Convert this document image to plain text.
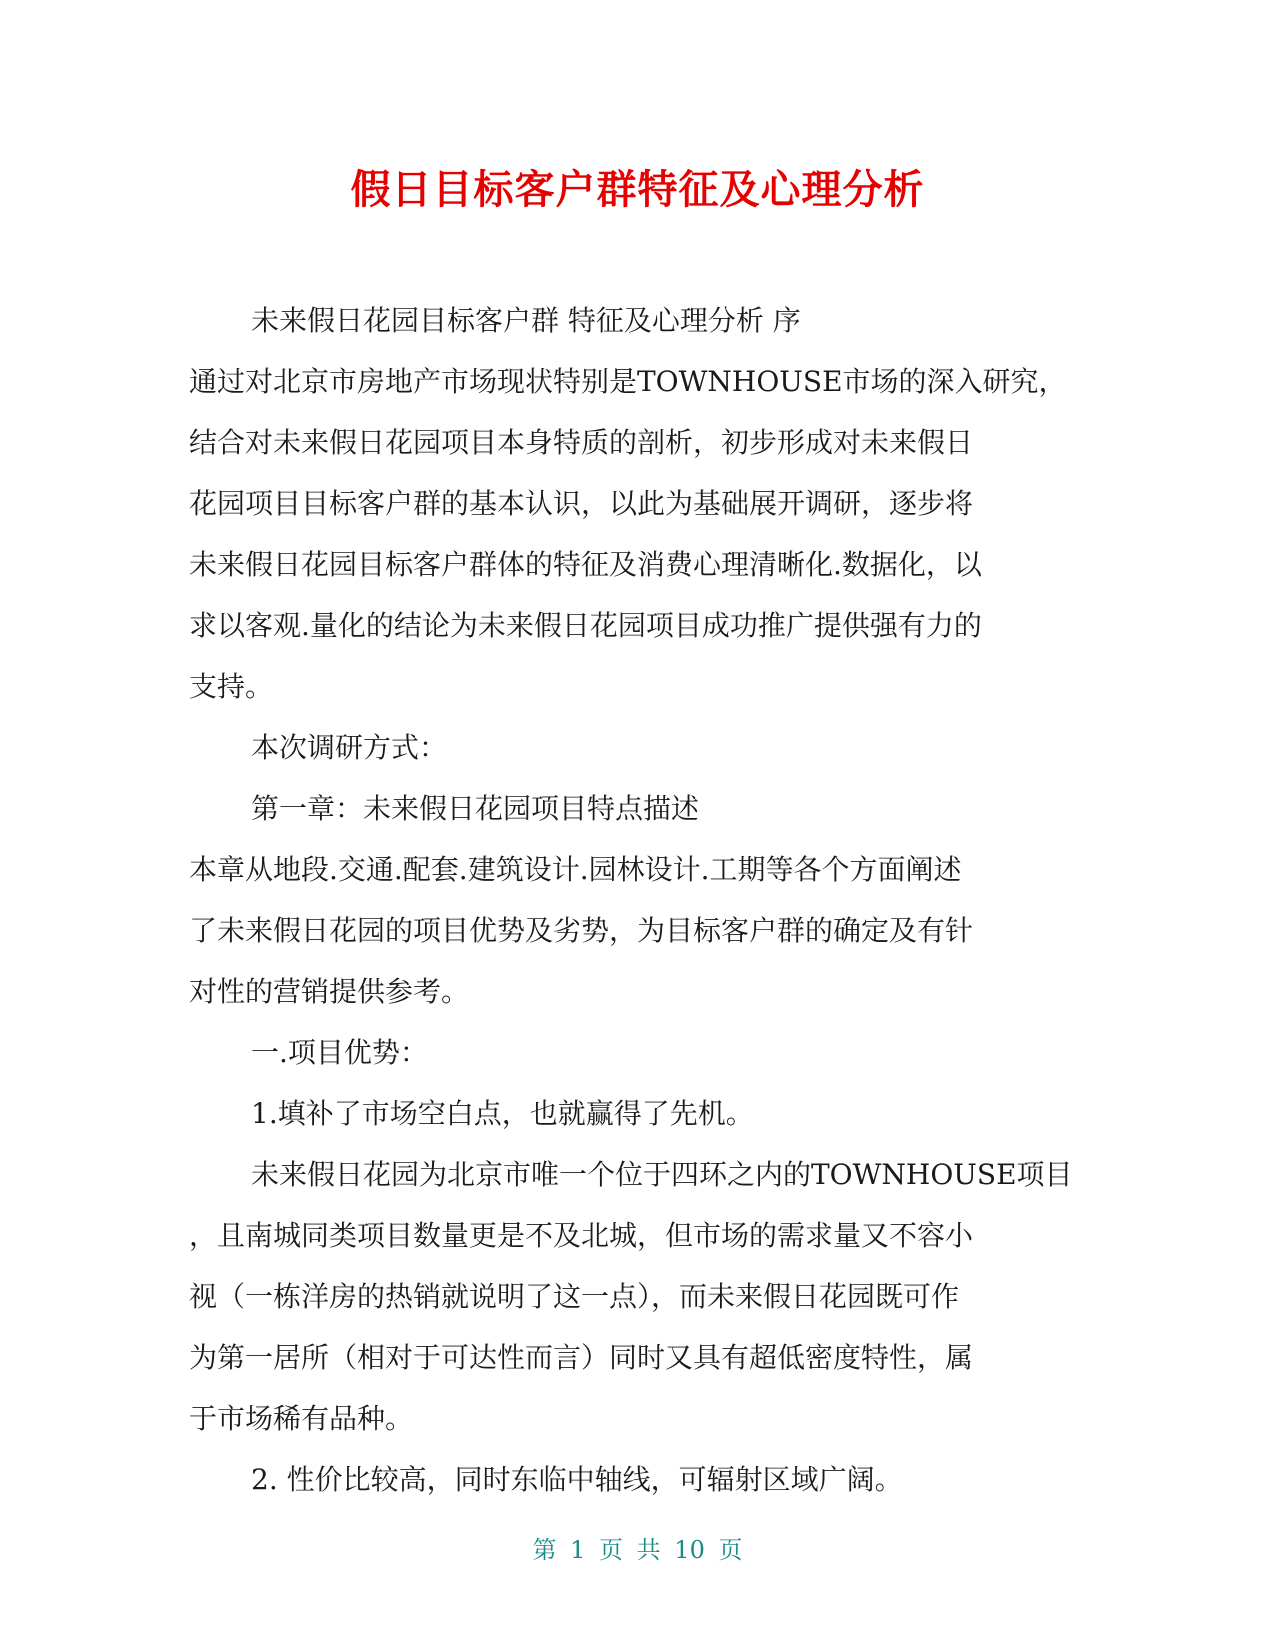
假日目标客户群特征及心理分析

未来假日花园目标客户群 特征及心理分析 序

通过对北京市房地产市场现状特别是TOWNHOUSE市场的深入研究，

结合对未来假日花园项目本身特质的剖析，初步形成对未来假日

花园项目目标客户群的基本认识，以此为基础展开调研，逐步将

未来假日花园目标客户群体的特征及消费心理清晰化.数据化，以

求以客观.量化的结论为未来假日花园项目成功推广提供强有力的

支持。

本次调研方式：

第一章：未来假日花园项目特点描述

本章从地段.交通.配套.建筑设计.园林设计.工期等各个方面阐述

了未来假日花园的项目优势及劣势，为目标客户群的确定及有针

对性的营销提供参考。

一.项目优势：

1.填补了市场空白点，也就赢得了先机。

未来假日花园为北京市唯一个位于四环之内的TOWNHOUSE项目

，且南城同类项目数量更是不及北城，但市场的需求量又不容小

视（一栋洋房的热销就说明了这一点），而未来假日花园既可作

为第一居所（相对于可达性而言）同时又具有超低密度特性，属

于市场稀有品种。

2. 性价比较高，同时东临中轴线，可辐射区域广阔。

第 1 页 共 10 页
